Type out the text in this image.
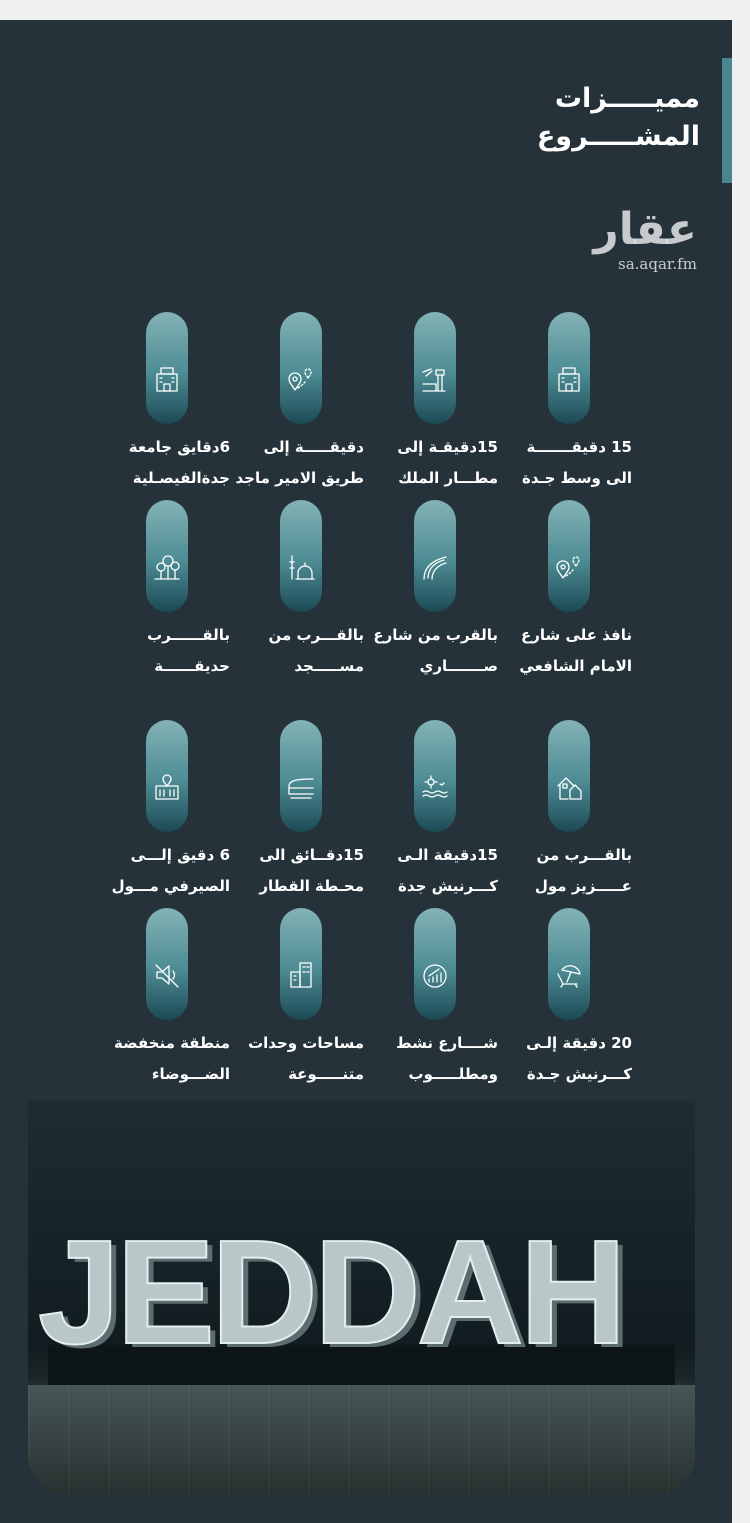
مميـــــزات
المشـــــروع
15 دقيقـــــــة
الى وسط جـدة
15دقيقـة إلى
مطـــار الملك
دقيقـــــة إلى
طريق الامير ماجد
6دقايق جامعة
جدةالفيصـلية
نافذ على شارع
الامام الشافعي
بالقرب من شارع
صـــــــاري
بالقـــرب من
مســـــجد
بالقــــــرب
حديقــــــة
بالقـــرب من
عـــــزيز مول
15دقيقة الـى
كـــرنيش جدة
15دقــائق الى
محـطة القطار
6 دقيق إلـــى
الصيرفي مـــول
20 دقيقة إلـى
كـــرنيش جـدة
شــــارع نشط
ومطلـــــوب
مساحات وحدات
متنـــــوعة
منطقة منخفضة
الضـــوضاء
عقار
sa.aqar.fm
JEDDAH
